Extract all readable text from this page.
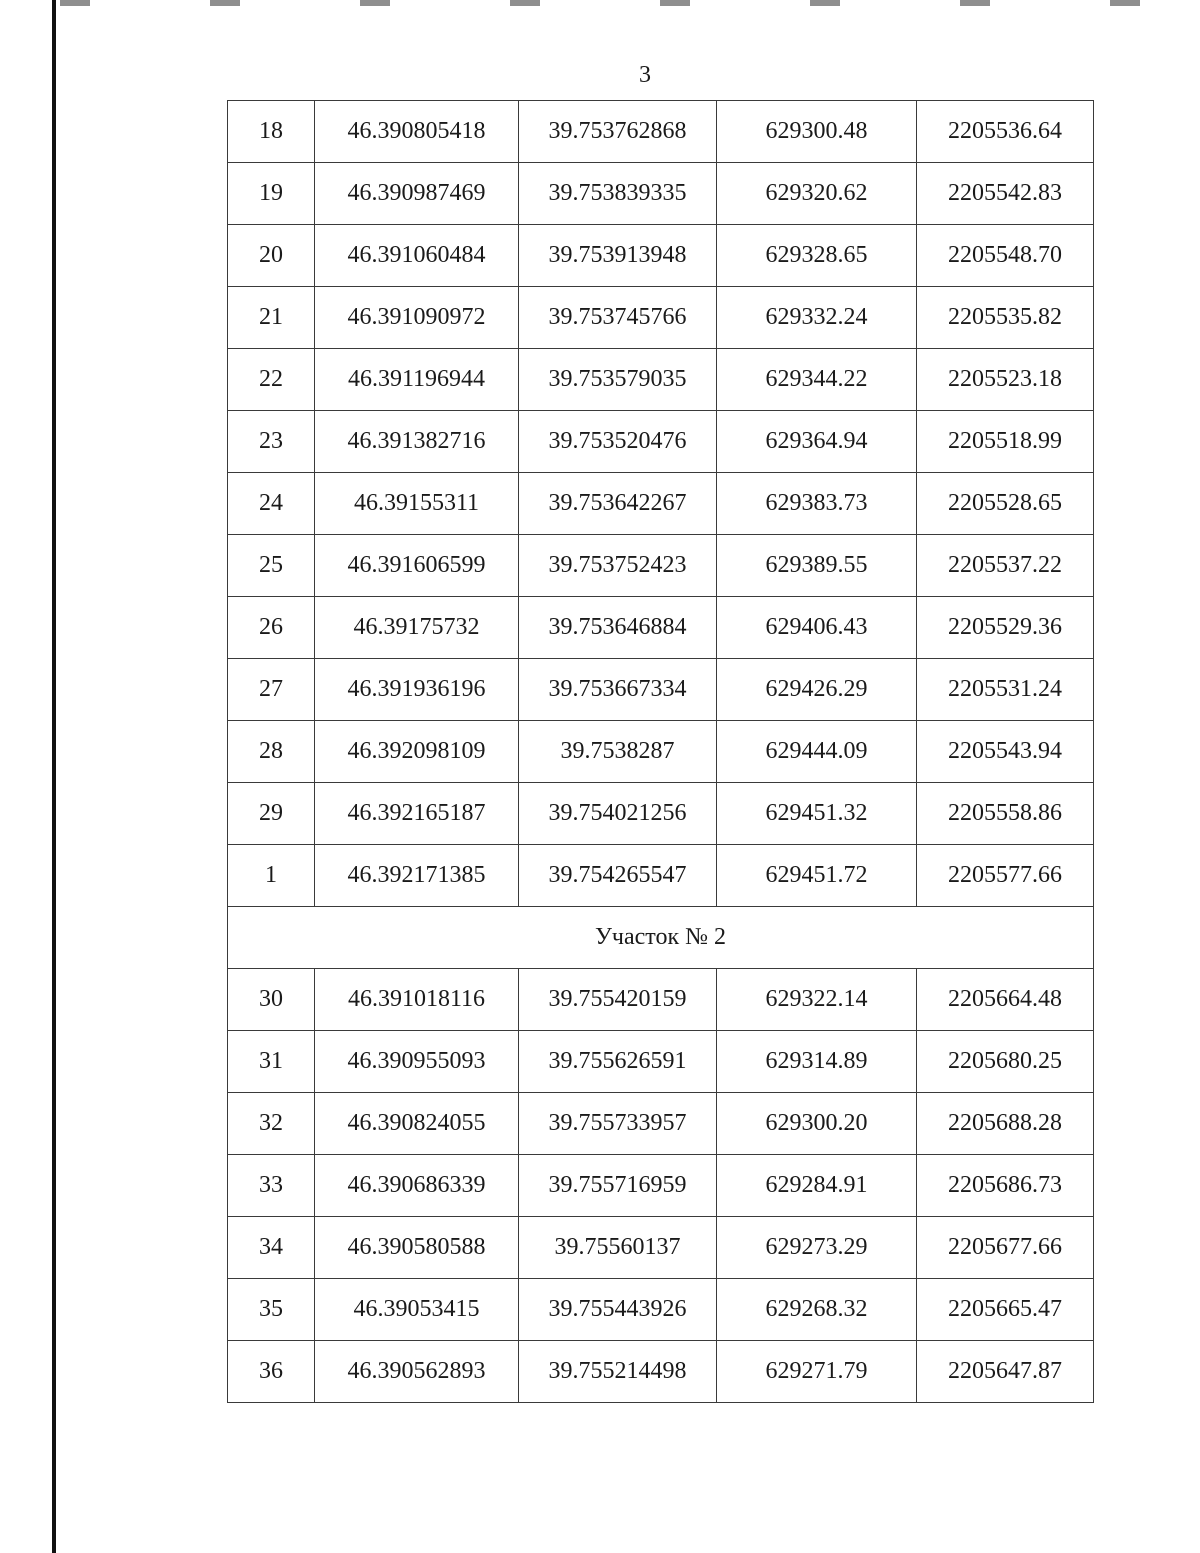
3
18	46.390805418	39.753762868	629300.48	2205536.64
19	46.390987469	39.753839335	629320.62	2205542.83
20	46.391060484	39.753913948	629328.65	2205548.70
21	46.391090972	39.753745766	629332.24	2205535.82
22	46.391196944	39.753579035	629344.22	2205523.18
23	46.391382716	39.753520476	629364.94	2205518.99
24	46.39155311	39.753642267	629383.73	2205528.65
25	46.391606599	39.753752423	629389.55	2205537.22
26	46.39175732	39.753646884	629406.43	2205529.36
27	46.391936196	39.753667334	629426.29	2205531.24
28	46.392098109	39.7538287	629444.09	2205543.94
29	46.392165187	39.754021256	629451.32	2205558.86
1	46.392171385	39.754265547	629451.72	2205577.66
Участок № 2				
30	46.391018116	39.755420159	629322.14	2205664.48
31	46.390955093	39.755626591	629314.89	2205680.25
32	46.390824055	39.755733957	629300.20	2205688.28
33	46.390686339	39.755716959	629284.91	2205686.73
34	46.390580588	39.75560137	629273.29	2205677.66
35	46.39053415	39.755443926	629268.32	2205665.47
36	46.390562893	39.755214498	629271.79	2205647.87
